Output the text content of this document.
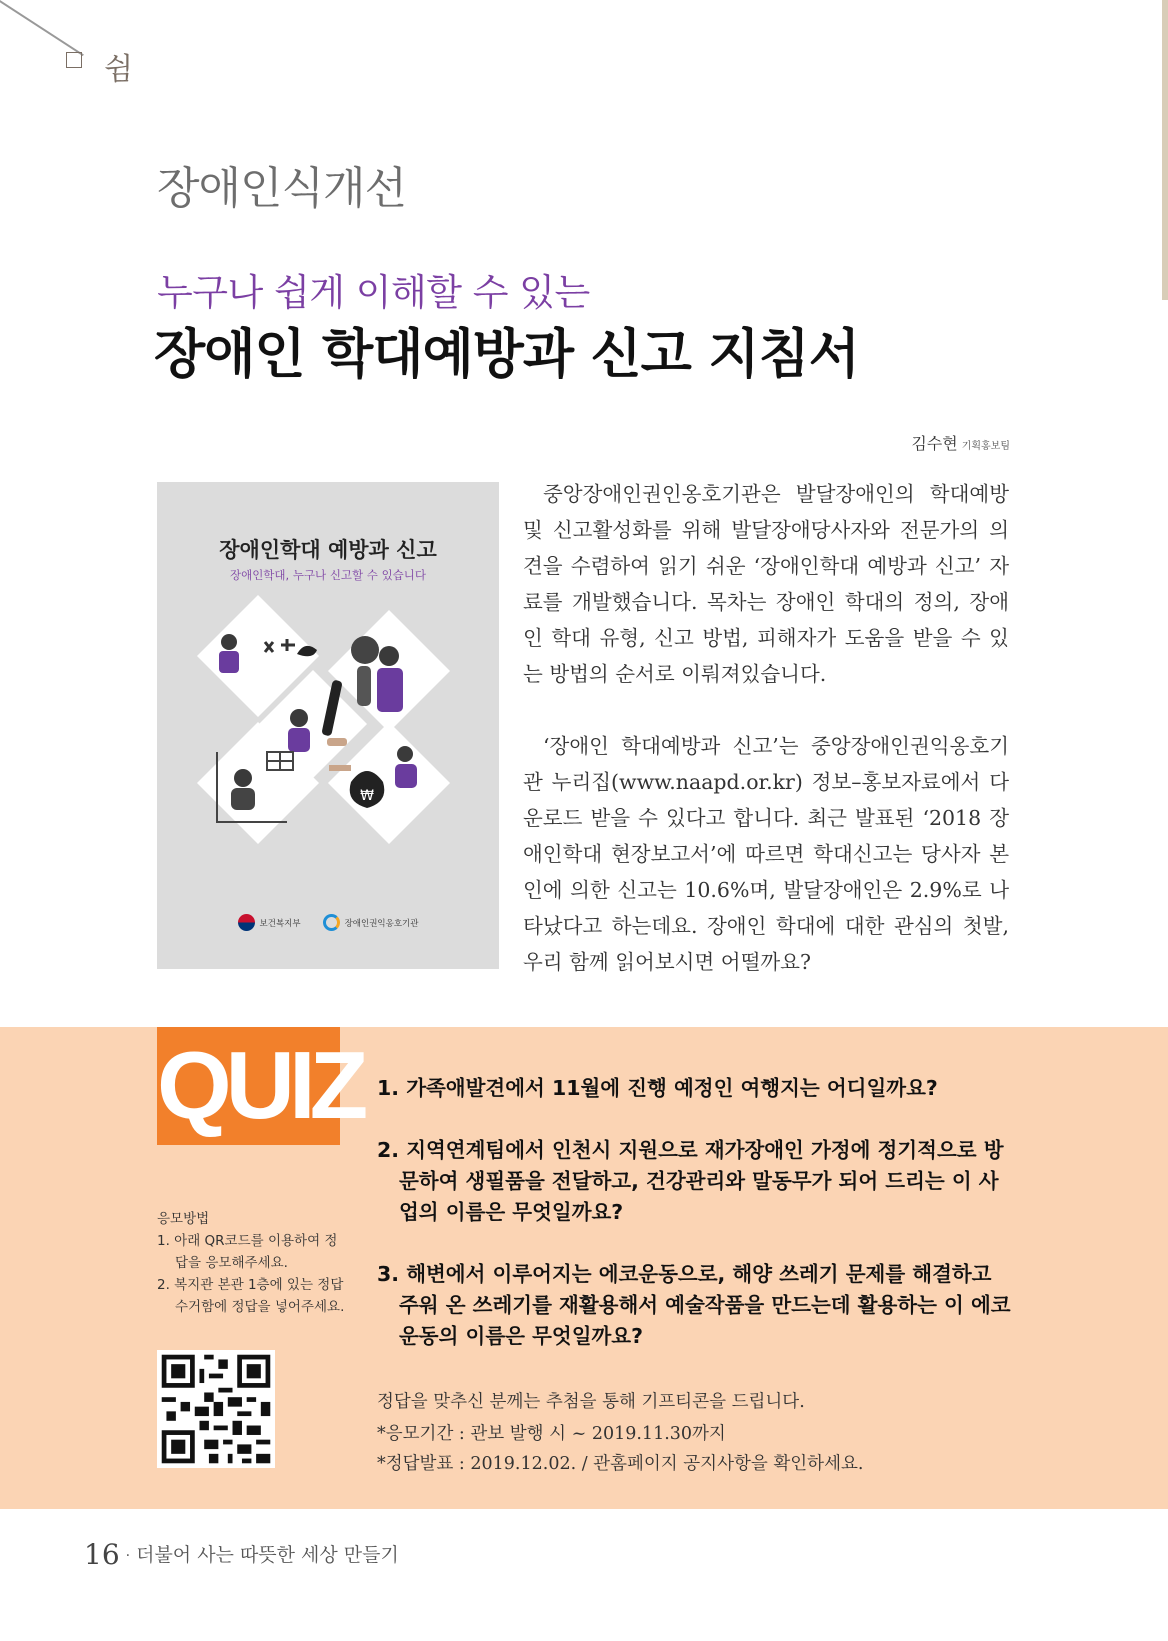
쉼
장애인식개선
누구나 쉽게 이해할 수 있는
장애인 학대예방과 신고 지침서
김수현 기획홍보팀
₩
장애인학대 예방과 신고
장애인학대, 누구나 신고할 수 있습니다
보건복지부	장애인권익옹호기관

중앙장애인권인옹호기관은 발달장애인의 학대예방 및 신고활성화를 위해 발달장애당사자와 전문가의 의견을 수렴하여 읽기 쉬운 ‘장애인학대 예방과 신고’ 자료를 개발했습니다. 목차는 장애인 학대의 정의, 장애인 학대 유형, 신고 방법, 피해자가 도움을 받을 수 있는 방법의 순서로 이뤄져있습니다.

‘장애인 학대예방과 신고’는 중앙장애인권익옹호기관 누리집(www.naapd.or.kr) 정보–홍보자료에서 다운로드 받을 수 있다고 합니다. 최근 발표된 ‘2018 장애인학대 현장보고서’에 따르면 학대신고는 당사자 본인에 의한 신고는 10.6%며, 발달장애인은 2.9%로 나타났다고 하는데요. 장애인 학대에 대한 관심의 첫발, 우리 함께 읽어보시면 어떨까요?

QUIZ
응모방법
1. 아래 QR코드를 이용하여 정답을 응모해주세요.
2. 복지관 본관 1층에 있는 정답수거함에 정답을 넣어주세요.
1. 가족애발견에서 11월에 진행 예정인 여행지는 어디일까요?
2. 지역연계팀에서 인천시 지원으로 재가장애인 가정에 정기적으로 방문하여 생필품을 전달하고, 건강관리와 말동무가 되어 드리는 이 사업의 이름은 무엇일까요?
3. 해변에서 이루어지는 에코운동으로, 해양 쓰레기 문제를 해결하고 주워 온 쓰레기를 재활용해서 예술작품을 만드는데 활용하는 이 에코운동의 이름은 무엇일까요?
정답을 맞추신 분께는 추첨을 통해 기프티콘을 드립니다.
*응모기간 : 관보 발행 시 ~ 2019.11.30까지
*정답발표 : 2019.12.02. / 관홈페이지 공지사항을 확인하세요.
16 · 더불어 사는 따뜻한 세상 만들기
